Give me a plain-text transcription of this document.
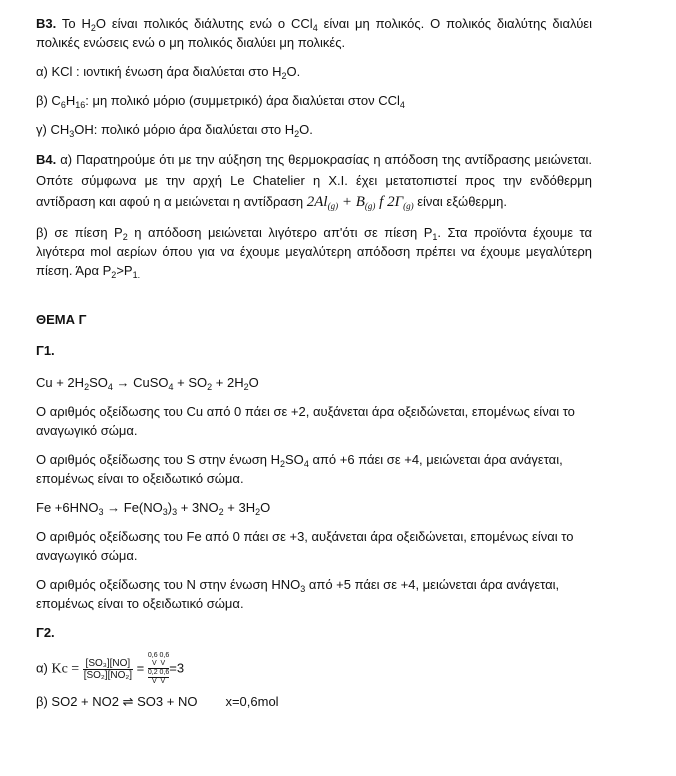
Β3. Το $H_2O$ είναι πολικός διάλυτης ενώ ο CCl$_4$ είναι μη πολικός. Ο πολικός διαλύτης διαλύει πολικές ενώσεις ενώ ο μη πολικός διαλύει μη πολικές.

α) KCl : ιοντική ένωση άρα διαλύεται στο $H_2O$.

β) $C_6H_{16}$: μη πολικό μόριο (συμμετρικό) άρα διαλύεται στον CCl$_4$

γ) $CH_3OH$: πολικό μόριο άρα διαλύεται στο $H_2O$.

Β4. α) Παρατηρούμε ότι με την αύξηση της θερμοκρασίας η απόδοση της αντίδρασης μειώνεται. Οπότε σύμφωνα με την αρχή Le Chatelier η Χ.Ι. έχει μετατοπιστεί προς την ενδόθερμη αντίδραση και αφού η α μειώνεται η αντίδραση $2Al_{(g)} + B_{(g)}$ f $2\Gamma_{(g)}$ είναι εξώθερμη.

β) σε πίεση $P_2$ η απόδοση μειώνεται λιγότερο απ'ότι σε πίεση $P_1$. Στα προϊόντα έχουμε τα λιγότερα mol αερίων όπου για να έχουμε μεγαλύτερη απόδοση πρέπει να έχουμε μεγαλύτερη πίεση. Άρα $P_2>P_{1.}$

ΘΕΜΑ Γ

Γ1.

$Cu + 2H_2SO_4$ → CuSO$_4$ + $SO_2 + 2H_2O$

Ο αριθμός οξείδωσης του Cu από 0 πάει σε +2, αυξάνεται άρα οξειδώνεται, επομένως είναι το αναγωγικό σώμα.

Ο αριθμός οξείδωσης του S στην ένωση $H_2SO_4$ από +6 πάει σε +4, μειώνεται άρα ανάγεται, επομένως είναι το οξειδωτικό σώμα.

$Fe +6HNO_3 \to Fe(NO_3)_3 + 3NO_2 + 3H_2O$

Ο αριθμός οξείδωσης του Fe από 0 πάει σε +3, αυξάνεται άρα οξειδώνεται, επομένως είναι το αναγωγικό σώμα.

Ο αριθμός οξείδωσης του N στην ένωση $HNO_3$ από +5 πάει σε +4, μειώνεται άρα ανάγεται, επομένως είναι το οξειδωτικό σώμα.

Γ2.

α) $Kc = \frac{\text{[SO₃][NO]}}{\text{[SO₂][NO₂]}}$ =
0,6 0,6
V V
0,2 0,6
V V
=3

β) SO2 + NO2 ⇌ SO3 + NO x=0,6mol
